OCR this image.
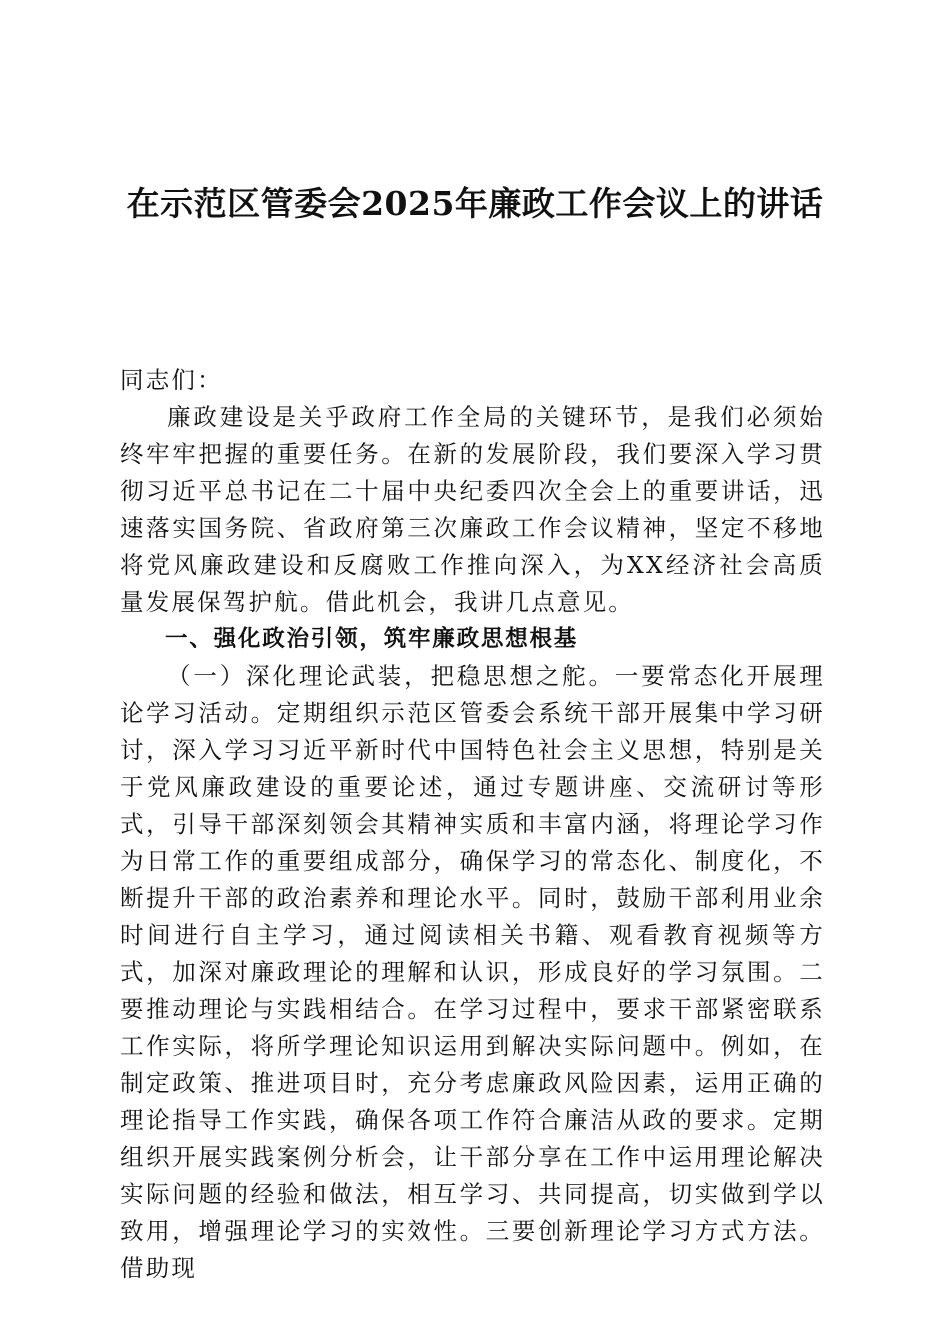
在示范区管委会2025年廉政工作会议上的讲话

同志们：

廉政建设是关乎政府工作全局的关键环节，是我们必须始终牢牢把握的重要任务。在新的发展阶段，我们要深入学习贯彻习近平总书记在二十届中央纪委四次全会上的重要讲话，迅速落实国务院、省政府第三次廉政工作会议精神，坚定不移地将党风廉政建设和反腐败工作推向深入，为XX经济社会高质量发展保驾护航。借此机会，我讲几点意见。

一、强化政治引领，筑牢廉政思想根基

（一）深化理论武装，把稳思想之舵。一要常态化开展理论学习活动。定期组织示范区管委会系统干部开展集中学习研讨，深入学习习近平新时代中国特色社会主义思想，特别是关于党风廉政建设的重要论述，通过专题讲座、交流研讨等形式，引导干部深刻领会其精神实质和丰富内涵，将理论学习作为日常工作的重要组成部分，确保学习的常态化、制度化，不断提升干部的政治素养和理论水平。同时，鼓励干部利用业余时间进行自主学习，通过阅读相关书籍、观看教育视频等方式，加深对廉政理论的理解和认识，形成良好的学习氛围。二要推动理论与实践相结合。在学习过程中，要求干部紧密联系工作实际，将所学理论知识运用到解决实际问题中。例如，在制定政策、推进项目时，充分考虑廉政风险因素，运用正确的理论指导工作实践，确保各项工作符合廉洁从政的要求。定期组织开展实践案例分析会，让干部分享在工作中运用理论解决实际问题的经验和做法，相互学习、共同提高，切实做到学以致用，增强理论学习的实效性。三要创新理论学习方式方法。借助现
